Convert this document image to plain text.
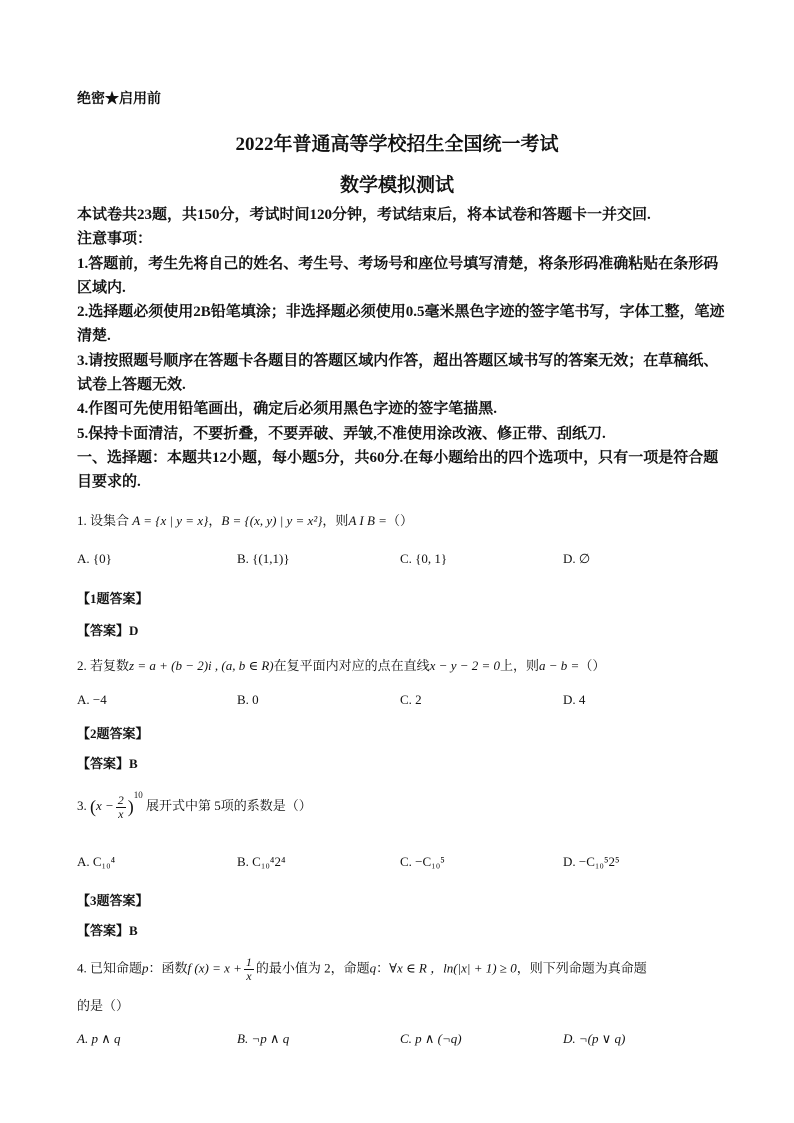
绝密★启用前
2022年普通高等学校招生全国统一考试
数学模拟测试
本试卷共23题，共150分，考试时间120分钟，考试结束后，将本试卷和答题卡一并交回.
注意事项：
1.答题前，考生先将自己的姓名、考生号、考场号和座位号填写清楚，将条形码准确粘贴在条形码区域内.
2.选择题必须使用2B铅笔填涂；非选择题必须使用0.5毫米黑色字迹的签字笔书写，字体工整，笔迹清楚.
3.请按照题号顺序在答题卡各题目的答题区域内作答，超出答题区域书写的答案无效；在草稿纸、试卷上答题无效.
4.作图可先使用铅笔画出，确定后必须用黑色字迹的签字笔描黑.
5.保持卡面清洁，不要折叠，不要弄破、弄皱,不准使用涂改液、修正带、刮纸刀.
一、选择题：本题共12小题，每小题5分，共60分.在每小题给出的四个选项中，只有一项是符合题目要求的.
1. 设集合 A = {x | y = x}，B = {(x, y) | y = x²}，则A I B =（）
A. {0}	B. {(1,1)}	C. {0, 1}	D. ∅
【1题答案】
【答案】D
2. 若复数z = a + (b − 2)i , (a, b ∈ R)在复平面内对应的点在直线x − y − 2 = 0上，则a − b =（）
A. −4	B. 0	C. 2	D. 4
【2题答案】
【答案】B
3. $(x - \frac{2}{x} )^{10}$ 展开式中第 5项的系数是（）
A. C₁₀⁴	B. C₁₀⁴2⁴	C. −C₁₀⁵	D. −C₁₀⁵2⁵
【3题答案】
【答案】B
4. 已知命题p：函数f $(x) = x + \frac{1}{x}$ 的最小值为 2，命题q：∀x ∈ R ，ln(|x| + 1) ≥ 0，则下列命题为真命题
的是（）
A. p ∧ q	B. ¬p ∧ q	C. p ∧ (¬q)	D. ¬(p ∨ q)
